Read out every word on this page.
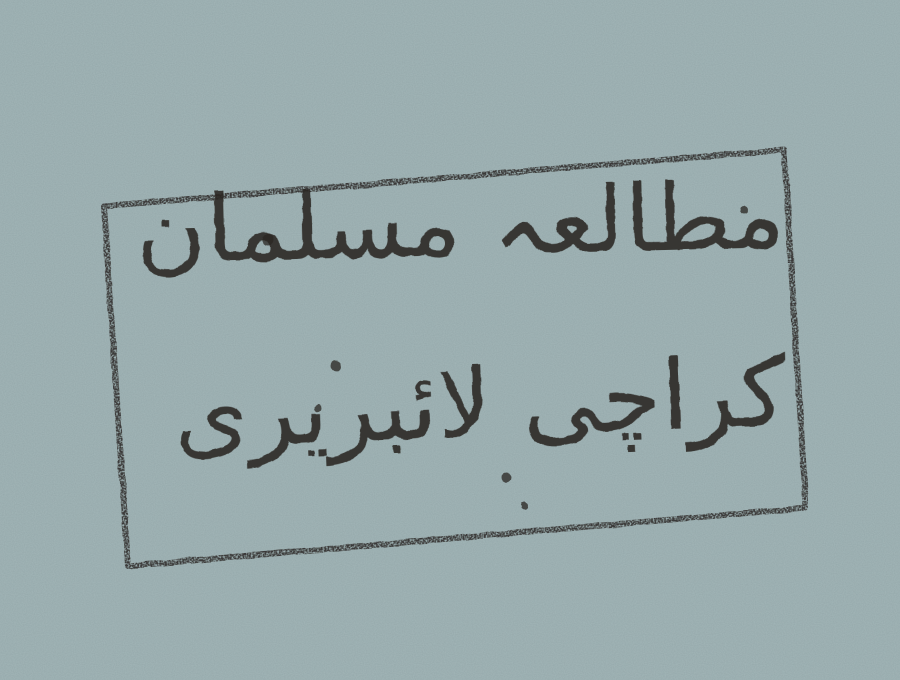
مطالعہ مسلمان
کراچی لائبریری
